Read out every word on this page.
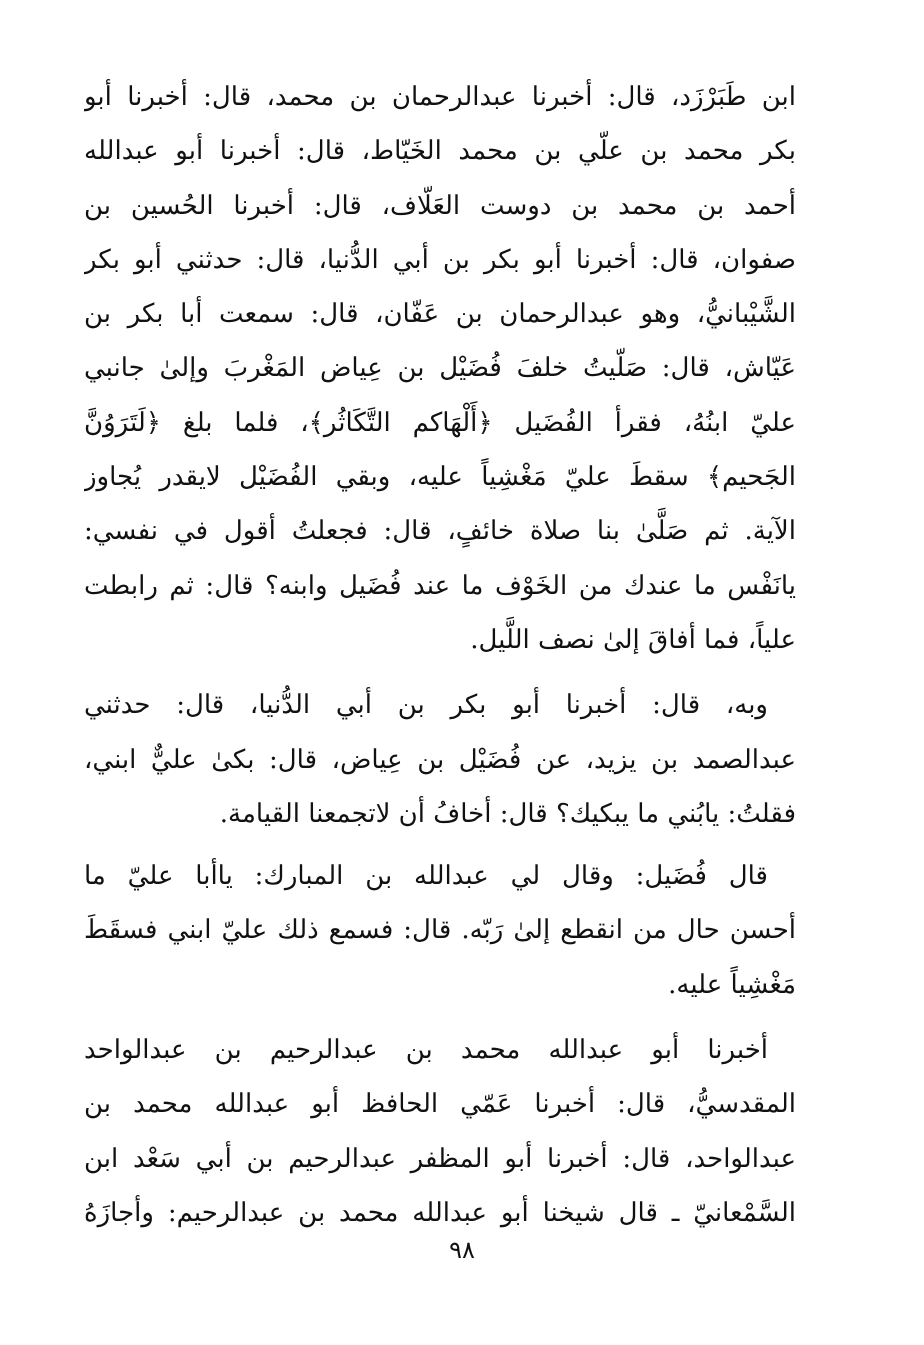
ابن طَبَرْزَد، قال: أخبرنا عبدالرحمان بن محمد، قال: أخبرنا أبو
بكر محمد بن علّي بن محمد الخَيّاط، قال: أخبرنا أبو عبدالله
أحمد بن محمد بن دوست العَلّاف، قال: أخبرنا الحُسين بن
صفوان، قال: أخبرنا أبو بكر بن أبي الدُّنيا، قال: حدثني أبو بكر
الشَّيْبانيُّ، وهو عبدالرحمان بن عَفّان، قال: سمعت أبا بكر بن
عَيّاش، قال: صَلّيتُ خلفَ فُضَيْل بن عِياض المَغْربَ وإلىٰ جانبي
عليّ ابنُهُ، فقرأ الفُضَيل ﴿أَلْهَاكم التَّكَاثُر﴾، فلما بلغ ﴿لَتَرَوُنَّ
الجَحيم﴾ سقطَ عليّ مَغْشِياً عليه، وبقي الفُضَيْل لايقدر يُجاوز
الآية. ثم صَلَّىٰ بنا صلاة خائفٍ، قال: فجعلتُ أقول في نفسي:
يانَفْس ما عندك من الخَوْف ما عند فُضَيل وابنه؟ قال: ثم رابطت
علياً، فما أفاقَ إلىٰ نصف اللَّيل.
وبه، قال: أخبرنا أبو بكر بن أبي الدُّنيا، قال: حدثني
عبدالصمد بن يزيد، عن فُضَيْل بن عِياض، قال: بكىٰ عليٌّ ابني،
فقلتُ: يابُني ما يبكيك؟ قال: أخافُ أن لاتجمعنا القيامة.
قال فُضَيل: وقال لي عبدالله بن المبارك: ياأبا عليّ ما
أحسن حال من انقطع إلىٰ رَبّه. قال: فسمع ذلك عليّ ابني فسقَطَ
مَغْشِياً عليه.
أخبرنا أبو عبدالله محمد بن عبدالرحيم بن عبدالواحد
المقدسيُّ، قال: أخبرنا عَمّي الحافظ أبو عبدالله محمد بن
عبدالواحد، قال: أخبرنا أبو المظفر عبدالرحيم بن أبي سَعْد ابن
السَّمْعانيّ ـ قال شيخنا أبو عبدالله محمد بن عبدالرحيم: وأجازَهُ
٩٨
